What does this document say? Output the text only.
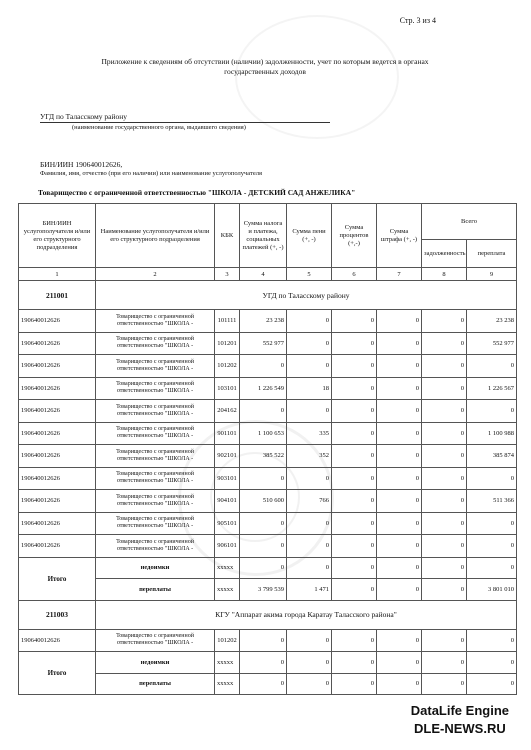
Стр. 3 из 4
Приложение к сведениям об отсутствии (наличии) задолженности, учет по которым ведется в органах государственных доходов
УГД по Таласскому району
(наименование государственного органа, выдавшего сведения)
БИН/ИИН 190640012626,
Фамилия, имя, отчество (при его наличии) или наименование услугополучателя
Товарищество с ограниченной ответственностью "ШКОЛА - ДЕТСКИЙ САД АНЖЕЛИКА"
БИН/ИИН услугополучателя и/или его структурного подразделения	Наименование услугополучателя и/или его структурного подразделения	КБК	Сумма налога и платежа, социальных платежей (+, -)	Сумма пени (+, -)	Сумма процентов (+,-)	Сумма штрафа (+, -)	Всего	
							задолженность	переплата
1	2	3	4	5	6	7	8	9
211001	УГД по Таласскому району							
190640012626	Товарищество с ограниченной ответственностью "ШКОЛА -	101111	23 238	0	0	0	0	23 238
190640012626	Товарищество с ограниченной ответственностью "ШКОЛА -	101201	552 977	0	0	0	0	552 977
190640012626	Товарищество с ограниченной ответственностью "ШКОЛА -	101202	0	0	0	0	0	0
190640012626	Товарищество с ограниченной ответственностью "ШКОЛА -	103101	1 226 549	18	0	0	0	1 226 567
190640012626	Товарищество с ограниченной ответственностью "ШКОЛА -	204162	0	0	0	0	0	0
190640012626	Товарищество с ограниченной ответственностью "ШКОЛА -	901101	1 100 653	335	0	0	0	1 100 988
190640012626	Товарищество с ограниченной ответственностью "ШКОЛА -	902101	385 522	352	0	0	0	385 874
190640012626	Товарищество с ограниченной ответственностью "ШКОЛА -	903101	0	0	0	0	0	0
190640012626	Товарищество с ограниченной ответственностью "ШКОЛА -	904101	510 600	766	0	0	0	511 366
190640012626	Товарищество с ограниченной ответственностью "ШКОЛА -	905101	0	0	0	0	0	0
190640012626	Товарищество с ограниченной ответственностью "ШКОЛА -	906101	0	0	0	0	0	0
Итого	недоимки	xxxxx	0	0	0	0	0	0
	переплаты	xxxxx	3 799 539	1 471	0	0	0	3 801 010
211003	КГУ "Аппарат акима города Каратау Таласского района"							
190640012626	Товарищество с ограниченной ответственностью "ШКОЛА -	101202	0	0	0	0	0	0
Итого	недоимки	xxxxx	0	0	0	0	0	0
	переплаты	xxxxx	0	0	0	0	0	0
DataLife Engine
DLE-NEWS.RU
